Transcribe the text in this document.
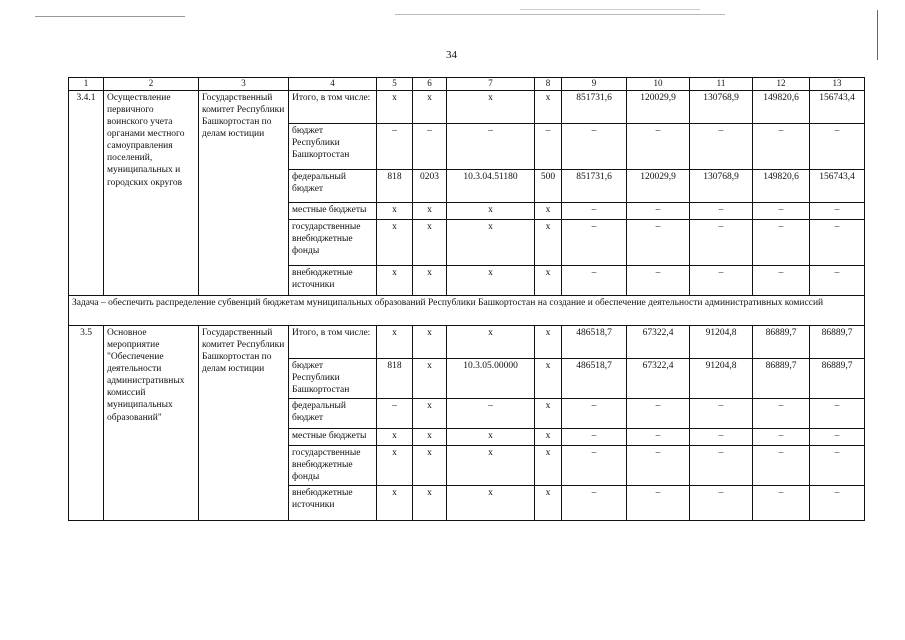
34
1	2	3	4	5	6	7	8	9	10	11	12	13
3.4.1	Осуществление первичного воинского учета органами местного самоуправления поселений, муниципальных и городских округов	Государственный комитет Республики Башкортостан по делам юстиции	Итого, в том числе:	х	х	х	х	851731,6	120029,9	130768,9	149820,6	156743,4
			бюджет Республики Башкортостан	–	–	–	–	–	–	–	–	–
			федеральный бюджет	818	0203	10.3.04.51180	500	851731,6	120029,9	130768,9	149820,6	156743,4
			местные бюджеты	х	х	х	х	–	–	–	–	–
			государственные внебюджетные фонды	х	х	х	х	–	–	–	–	–
			внебюджетные источники	х	х	х	х	–	–	–	–	–
Задача – обеспечить распределение субвенций бюджетам муниципальных образований Республики Башкортостан на создание и обеспечение деятельности административных комиссий												
3.5	Основное мероприятие "Обеспечение деятельности административных комиссий муниципальных образований"	Государственный комитет Республики Башкортостан по делам юстиции	Итого, в том числе:	х	х	х	х	486518,7	67322,4	91204,8	86889,7	86889,7
			бюджет Республики Башкортостан	818	х	10.3.05.00000	х	486518,7	67322,4	91204,8	86889,7	86889,7
			федеральный бюджет	–	х	–	х	–	–	–	–	–
			местные бюджеты	х	х	х	х	–	–	–	–	–
			государственные внебюджетные фонды	х	х	х	х	–	–	–	–	–
			внебюджетные источники	х	х	х	х	–	–	–	–	–
